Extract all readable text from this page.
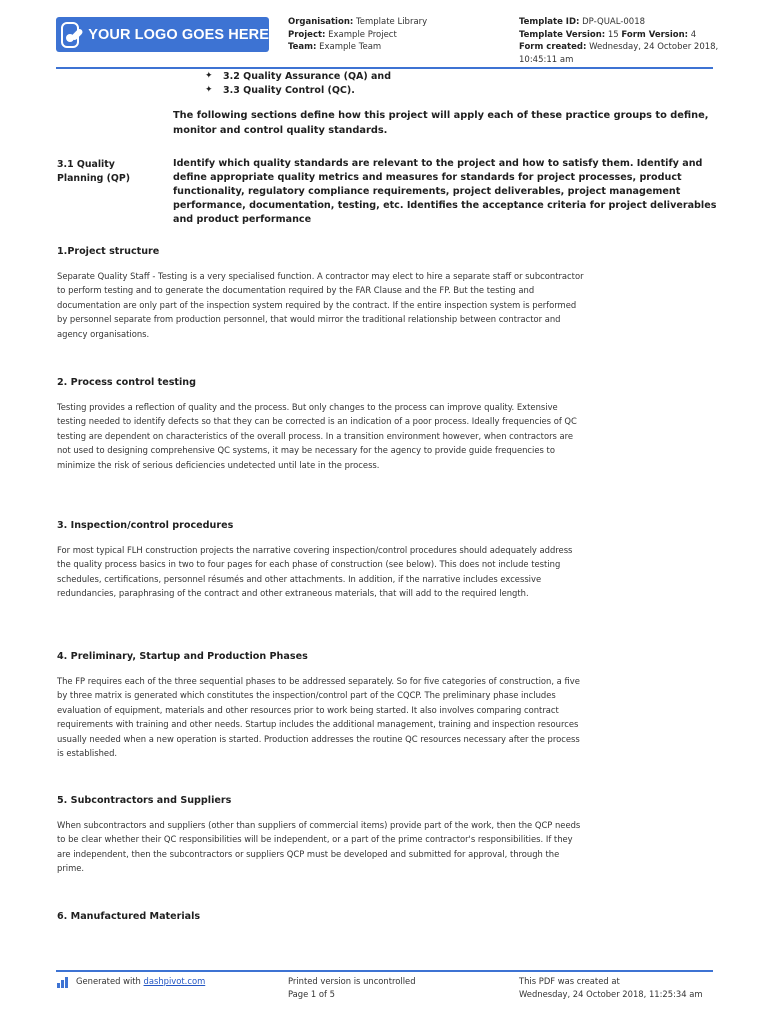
YOUR LOGO GOES HERE
Organisation: Template Library
Project: Example Project
Team: Example Team
Template ID: DP-QUAL-0018
Template Version: 15 Form Version: 4
Form created: Wednesday, 24 October 2018, 10:45:11 am
✦ 3.2 Quality Assurance (QA) and
✦ 3.3 Quality Control (QC).
The following sections define how this project will apply each of these practice groups to define, monitor and control quality standards.
3.1 Quality Planning (QP)
Identify which quality standards are relevant to the project and how to satisfy them. Identify and define appropriate quality metrics and measures for standards for project processes, product functionality, regulatory compliance requirements, project deliverables, project management performance, documentation, testing, etc. Identifies the acceptance criteria for project deliverables and product performance
1.Project structure

Separate Quality Staff - Testing is a very specialised function. A contractor may elect to hire a separate staff or subcontractor to perform testing and to generate the documentation required by the FAR Clause and the FP. But the testing and documentation are only part of the inspection system required by the contract. If the entire inspection system is performed by personnel separate from production personnel, that would mirror the traditional relationship between contractor and agency organisations.

2. Process control testing

Testing provides a reflection of quality and the process. But only changes to the process can improve quality. Extensive testing needed to identify defects so that they can be corrected is an indication of a poor process. Ideally frequencies of QC testing are dependent on characteristics of the overall process. In a transition environment however, when contractors are not used to designing comprehensive QC systems, it may be necessary for the agency to provide guide frequencies to minimize the risk of serious deficiencies undetected until late in the process.

3. Inspection/control procedures

For most typical FLH construction projects the narrative covering inspection/control procedures should adequately address the quality process basics in two to four pages for each phase of construction (see below). This does not include testing schedules, certifications, personnel résumés and other attachments. In addition, if the narrative includes excessive redundancies, paraphrasing of the contract and other extraneous materials, that will add to the required length.

4. Preliminary, Startup and Production Phases

The FP requires each of the three sequential phases to be addressed separately. So for five categories of construction, a five by three matrix is generated which constitutes the inspection/control part of the CQCP. The preliminary phase includes evaluation of equipment, materials and other resources prior to work being started. It also involves comparing contract requirements with training and other needs. Startup includes the additional management, training and inspection resources usually needed when a new operation is started. Production addresses the routine QC resources necessary after the process is established.

5. Subcontractors and Suppliers

When subcontractors and suppliers (other than suppliers of commercial items) provide part of the work, then the QCP needs to be clear whether their QC responsibilities will be independent, or a part of the prime contractor's responsibilities. If they are independent, then the subcontractors or suppliers QCP must be developed and submitted for approval, through the prime.

6. Manufactured Materials
Generated with dashpivot.com	Printed version is uncontrolled
Page 1 of 5
This PDF was created at
Wednesday, 24 October 2018, 11:25:34 am
